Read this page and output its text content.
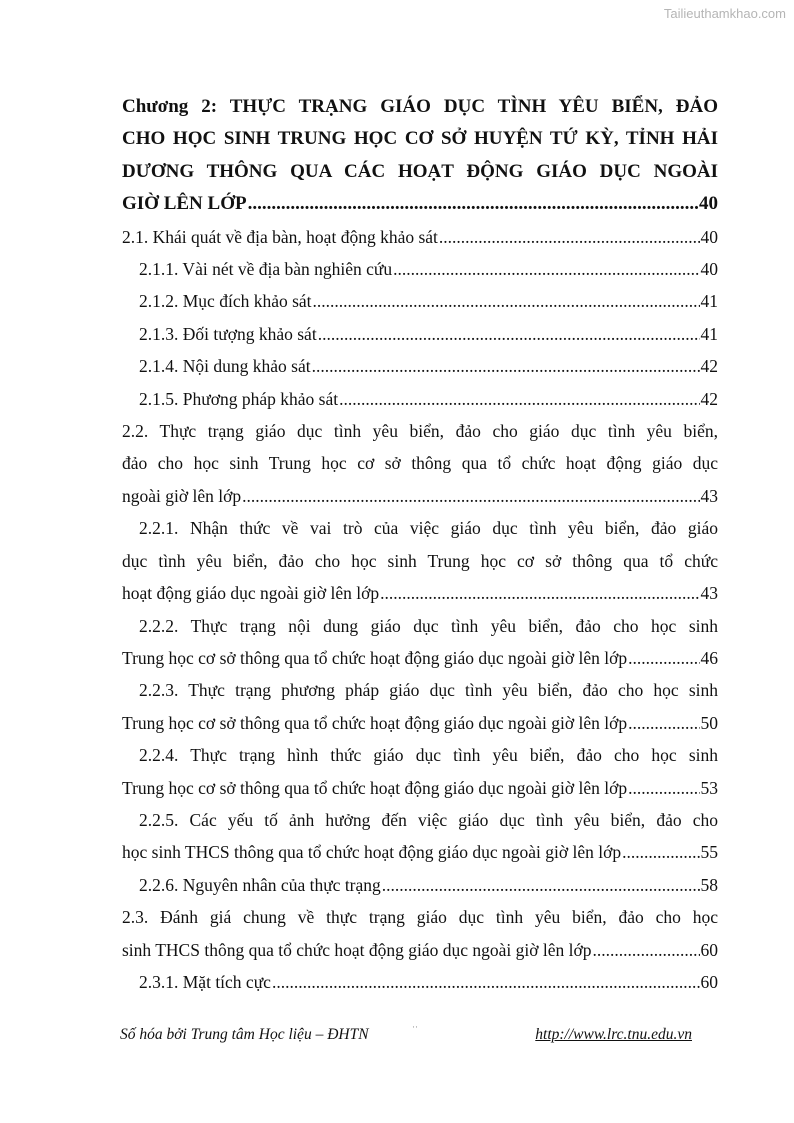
Tailieuthamkhao.com
Chương 2: THỰC TRẠNG GIÁO DỤC TÌNH YÊU BIỂN, ĐẢO
CHO HỌC SINH TRUNG HỌC CƠ SỞ HUYỆN TỨ KỲ, TỈNH HẢI
DƯƠNG THÔNG QUA CÁC HOẠT ĐỘNG GIÁO DỤC NGOÀI
GIỜ LÊN LỚP .....	40
2.1. Khái quát về địa bàn, hoạt động khảo sát .....	40
2.1.1. Vài nét về địa bàn nghiên cứu .....	40
2.1.2. Mục đích khảo sát .....	41
2.1.3. Đối tượng khảo sát .....	41
2.1.4. Nội dung khảo sát .....	42
2.1.5. Phương pháp khảo sát .....	42
2.2. Thực trạng giáo dục tình yêu biển, đảo cho giáo dục tình yêu biển,
đảo cho học sinh Trung học cơ sở thông qua tổ chức hoạt động giáo dục
ngoài giờ lên lớp .....	43
2.2.1. Nhận thức về vai trò của việc giáo dục tình yêu biển, đảo giáo
dục tình yêu biển, đảo cho học sinh Trung học cơ sở thông qua tổ chức
hoạt động giáo dục ngoài giờ lên lớp .....	43
2.2.2. Thực trạng nội dung giáo dục tình yêu biển, đảo cho học sinh
Trung học cơ sở thông qua tổ chức hoạt động giáo dục ngoài giờ lên lớp .....	46
2.2.3. Thực trạng phương pháp giáo dục tình yêu biển, đảo cho học sinh
Trung học cơ sở thông qua tổ chức hoạt động giáo dục ngoài giờ lên lớp .....	50
2.2.4. Thực trạng hình thức giáo dục tình yêu biển, đảo cho học sinh
Trung học cơ sở thông qua tổ chức hoạt động giáo dục ngoài giờ lên lớp .....	53
2.2.5. Các yếu tố ảnh hưởng đến việc giáo dục tình yêu biển, đảo cho
học sinh THCS thông qua tổ chức hoạt động giáo dục ngoài giờ lên lớp .....	55
2.2.6. Nguyên nhân của thực trạng .....	58
2.3. Đánh giá chung về thực trạng giáo dục tình yêu biển, đảo cho học
sinh THCS thông qua tổ chức hoạt động giáo dục ngoài giờ lên lớp .....	60
2.3.1. Mặt tích cực .....	60
Số hóa bởi Trung tâm Học liệu – ĐHTN	··	http://www.lrc.tnu.edu.vn
